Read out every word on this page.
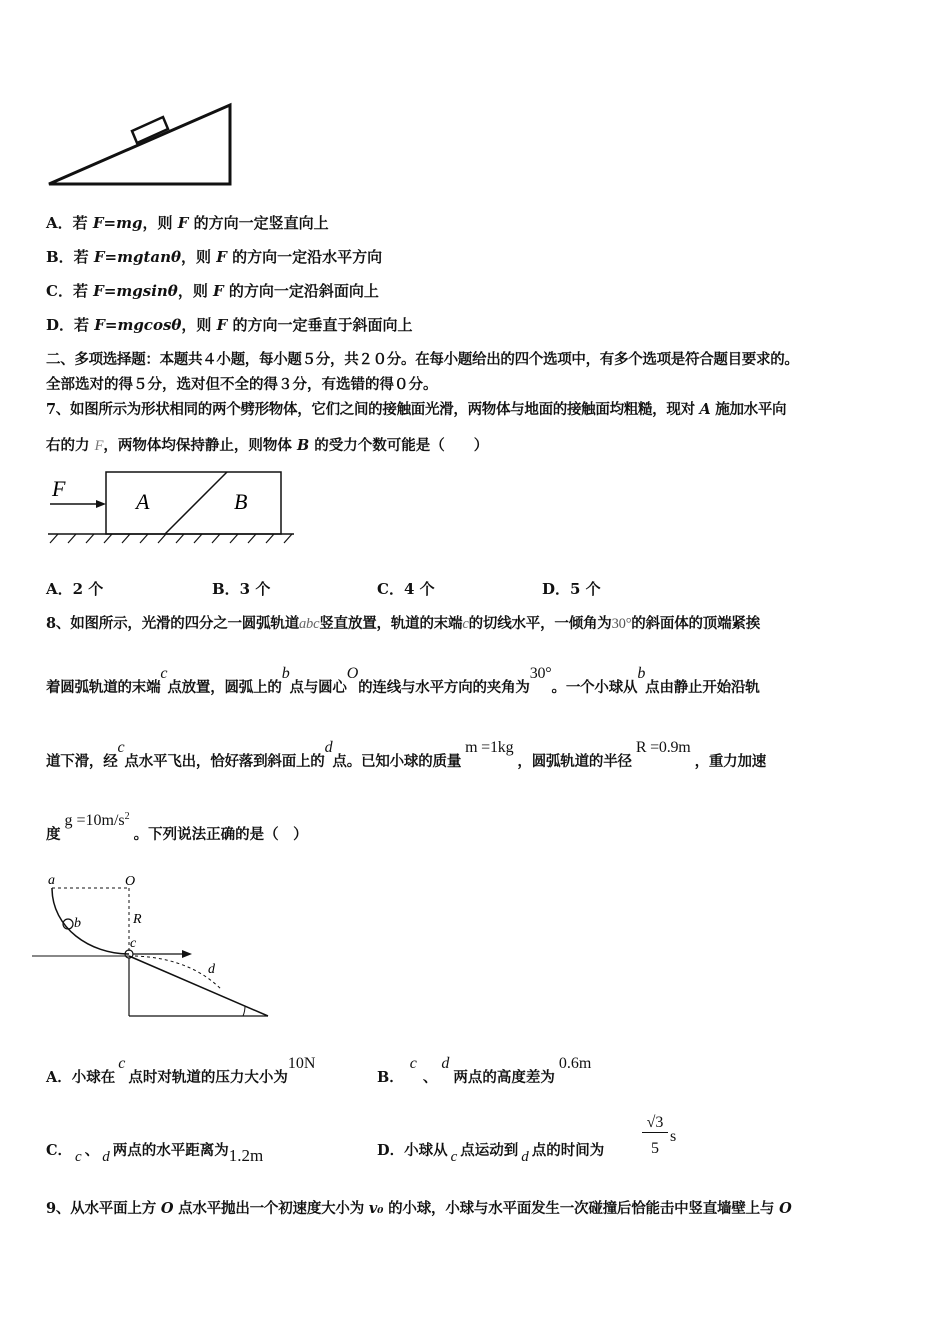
A．若 F=mg，则 F 的方向一定竖直向上
B．若 F=mgtanθ，则 F 的方向一定沿水平方向
C．若 F=mgsinθ，则 F 的方向一定沿斜面向上
D．若 F=mgcosθ，则 F 的方向一定垂直于斜面向上
二、多项选择题：本题共４小题，每小题５分，共２０分。在每小题给出的四个选项中，有多个选项是符合题目要求的。
全部选对的得５分，选对但不全的得３分，有选错的得０分。
7、如图所示为形状相同的两个劈形物体，它们之间的接触面光滑，两物体与地面的接触面均粗糙，现对 A 施加水平向
右的力 F，两物体均保持静止，则物体 B 的受力个数可能是（　　）
F
A	B
A．2 个	B．3 个	C．4 个	D．5 个
8、如图所示，光滑的四分之一圆弧轨道abc竖直放置，轨道的末端c的切线水平，一倾角为30°的斜面体的顶端紧挨
着圆弧轨道的末端c点放置，圆弧上的b点与圆心O的连线与水平方向的夹角为30°。一个小球从b点由静止开始沿轨
道下滑，经c点水平飞出，恰好落到斜面上的d点。已知小球的质量m =1kg，圆弧轨道的半径R =0.9m，重力加速
度$g =10m/s^2$。下列说法正确的是（　）
a	O
b	R
c
d
A．小球在c点时对轨道的压力大小为10N
B．c、d两点的高度差为0.6m
C． c 、 d 两点的水平距离为1.2m	D．小球从 c 点运动到 d 点的时间为
√3
5
s
9、从水平面上方 O 点水平抛出一个初速度大小为 v₀ 的小球，小球与水平面发生一次碰撞后恰能击中竖直墙壁上与 O
